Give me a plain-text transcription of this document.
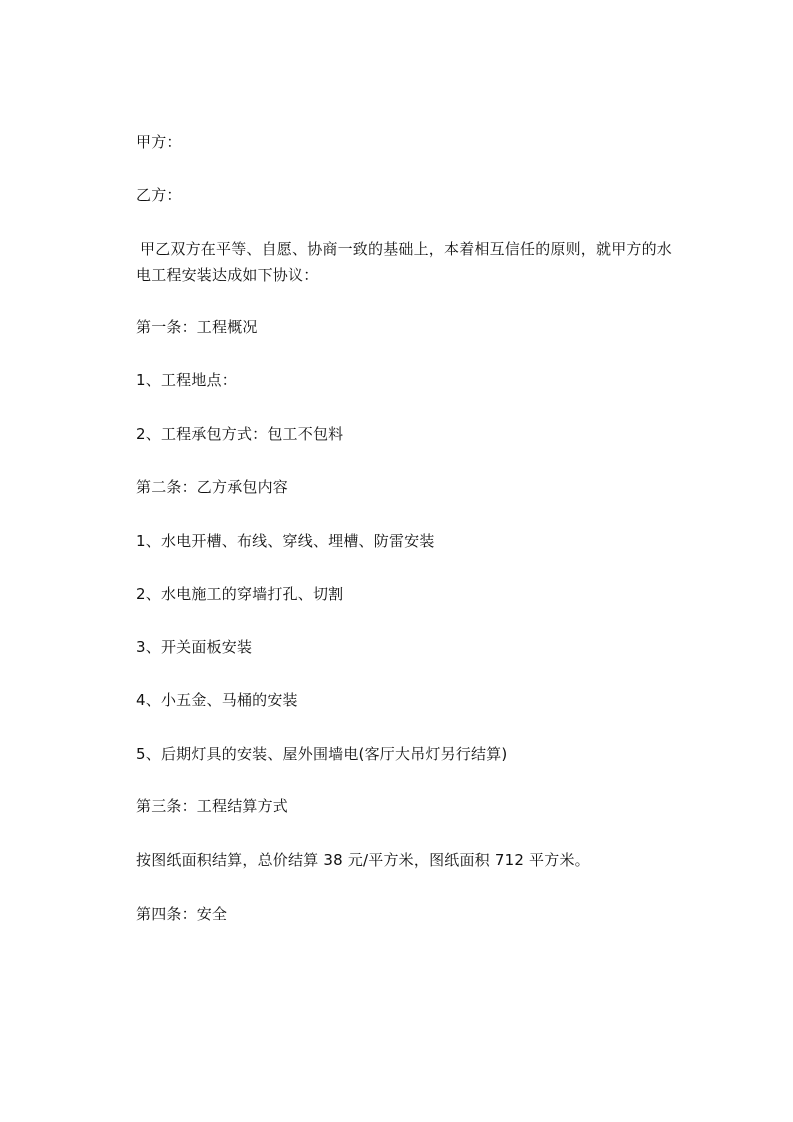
甲方：
乙方：
甲乙双方在平等、自愿、协商一致的基础上，本着相互信任的原则，就甲方的水
电工程安装达成如下协议：
第一条：工程概况
1、工程地点：
2、工程承包方式：包工不包料
第二条：乙方承包内容
1、水电开槽、布线、穿线、埋槽、防雷安装
2、水电施工的穿墙打孔、切割
3、开关面板安装
4、小五金、马桶的安装
5、后期灯具的安装、屋外围墙电(客厅大吊灯另行结算)
第三条：工程结算方式
按图纸面积结算，总价结算 38 元/平方米，图纸面积 712 平方米。
第四条：安全
